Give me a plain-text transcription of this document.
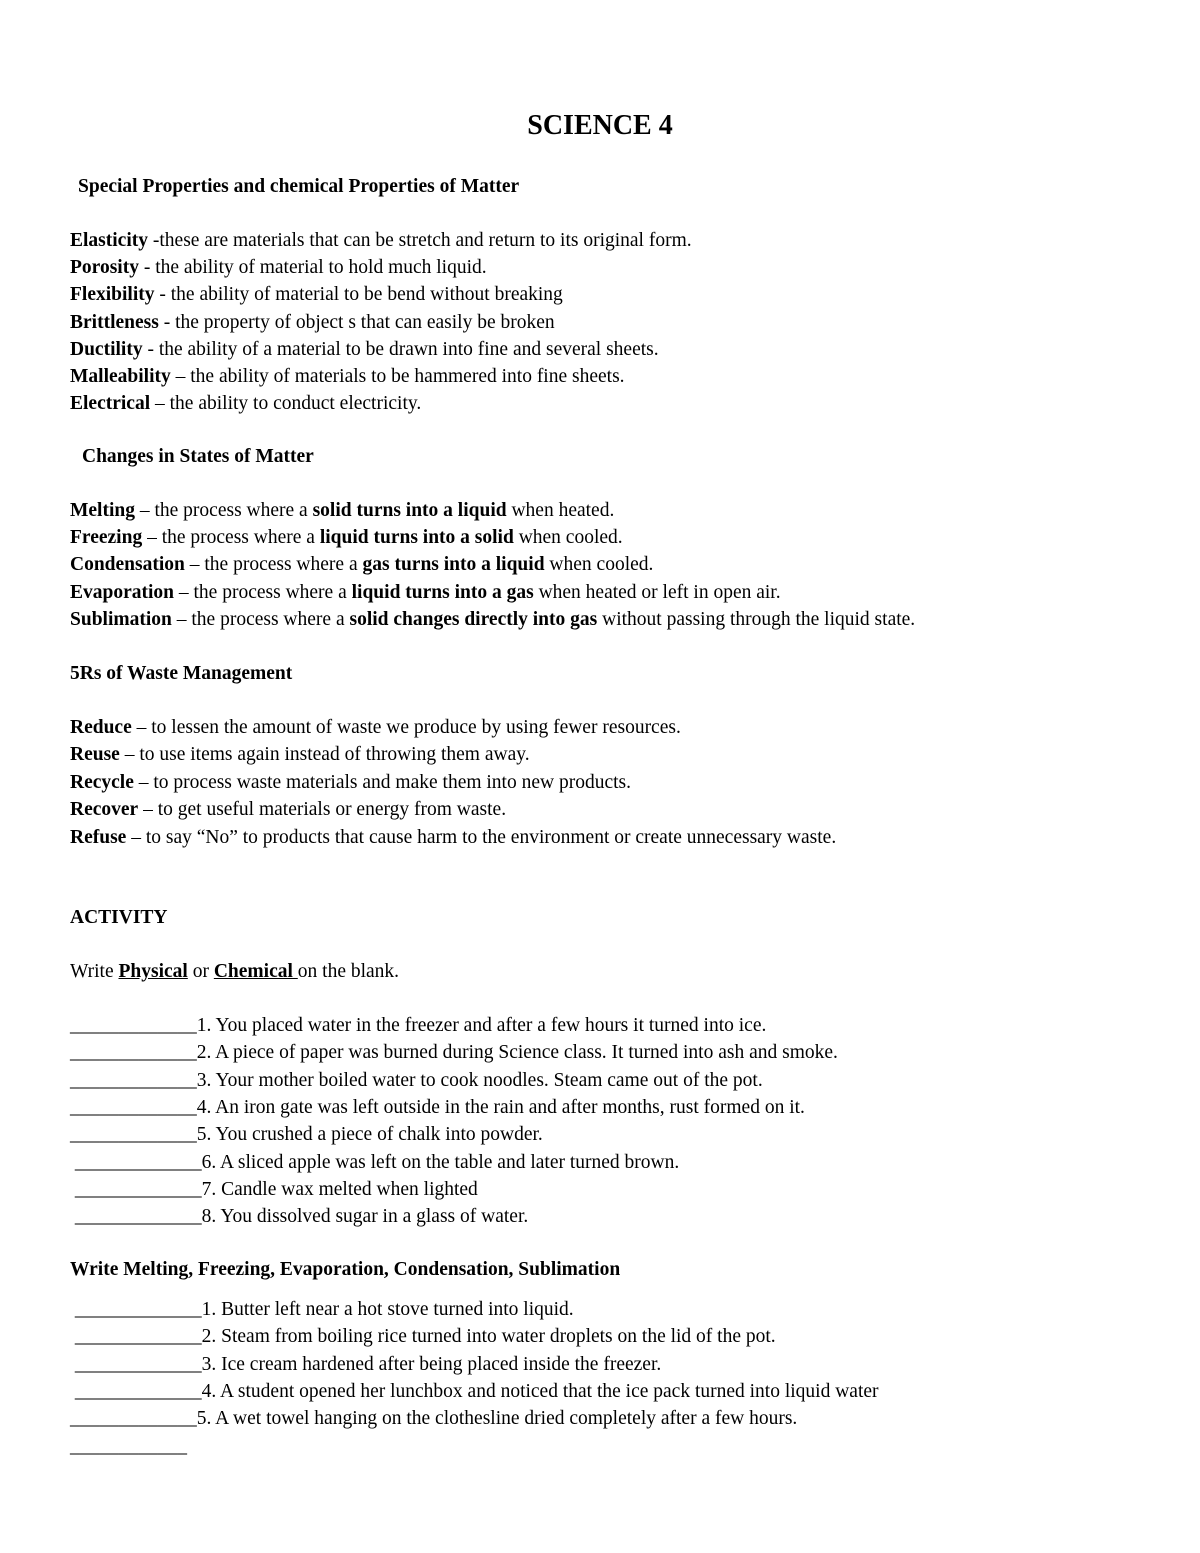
SCIENCE 4
Special Properties and chemical Properties of Matter
Elasticity -these are materials that can be stretch and return to its original form.
Porosity - the ability of material to hold much liquid.
Flexibility - the ability of material to be bend without breaking
Brittleness - the property of object s that can easily be broken
Ductility - the ability of a material to be drawn into fine and several sheets.
Malleability – the ability of materials to be hammered into fine sheets.
Electrical – the ability to conduct electricity.
Changes in States of Matter
Melting – the process where a solid turns into a liquid when heated.
Freezing – the process where a liquid turns into a solid when cooled.
Condensation – the process where a gas turns into a liquid when cooled.
Evaporation – the process where a liquid turns into a gas when heated or left in open air.
Sublimation – the process where a solid changes directly into gas without passing through the liquid state.
5Rs of Waste Management
Reduce – to lessen the amount of waste we produce by using fewer resources.
Reuse – to use items again instead of throwing them away.
Recycle – to process waste materials and make them into new products.
Recover – to get useful materials or energy from waste.
Refuse – to say “No” to products that cause harm to the environment or create unnecessary waste.
ACTIVITY
Write Physical or Chemical on the blank.
_____________1. You placed water in the freezer and after a few hours it turned into ice.
_____________2. A piece of paper was burned during Science class. It turned into ash and smoke.
_____________3. Your mother boiled water to cook noodles. Steam came out of the pot.
_____________4. An iron gate was left outside in the rain and after months, rust formed on it.
_____________5. You crushed a piece of chalk into powder.
_____________6. A sliced apple was left on the table and later turned brown.
_____________7. Candle wax melted when lighted
_____________8. You dissolved sugar in a glass of water.
Write Melting, Freezing, Evaporation, Condensation, Sublimation
_____________1. Butter left near a hot stove turned into liquid.
_____________2. Steam from boiling rice turned into water droplets on the lid of the pot.
_____________3. Ice cream hardened after being placed inside the freezer.
_____________4. A student opened her lunchbox and noticed that the ice pack turned into liquid water
_____________5. A wet towel hanging on the clothesline dried completely after a few hours.
____________
